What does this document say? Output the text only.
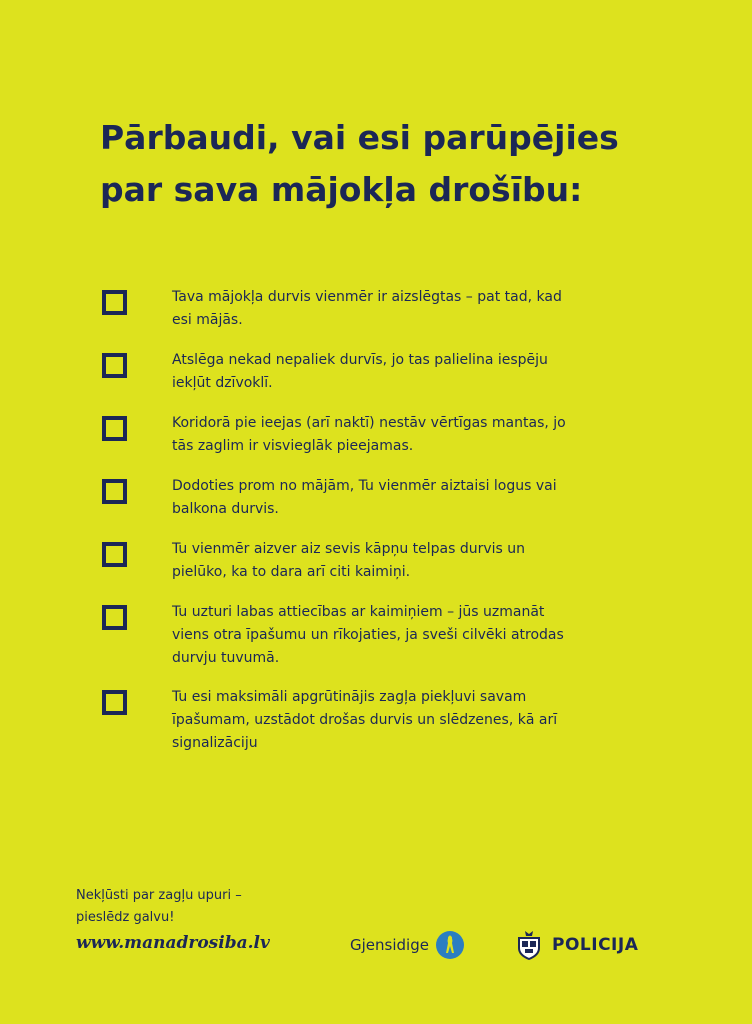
Pārbaudi, vai esi parūpējies
par sava mājokļa drošību:

Tava mājokļa durvis vienmēr ir aizslēgtas – pat tad, kad
esi mājās.

Atslēga nekad nepaliek durvīs, jo tas palielina iespēju
iekļūt dzīvoklī.

Koridorā pie ieejas (arī naktī) nestāv vērtīgas mantas, jo
tās zaglim ir visvieglāk pieejamas.

Dodoties prom no mājām, Tu vienmēr aiztaisi logus vai
balkona durvis.

Tu vienmēr aizver aiz sevis kāpņu telpas durvis un
pielūko, ka to dara arī citi kaimiņi.

Tu uzturi labas attiecības ar kaimiņiem – jūs uzmanāt
viens otra īpašumu un rīkojaties, ja sveši cilvēki atrodas
durvju tuvumā.

Tu esi maksimāli apgrūtinājis zagļa piekļuvi savam
īpašumam, uzstādot drošas durvis un slēdzenes, kā arī
signalizāciju

Nekļūsti par zagļu upuri –
pieslēdz galvu!

www.manadrosiba.lv	Gjensidige	POLICIJA
